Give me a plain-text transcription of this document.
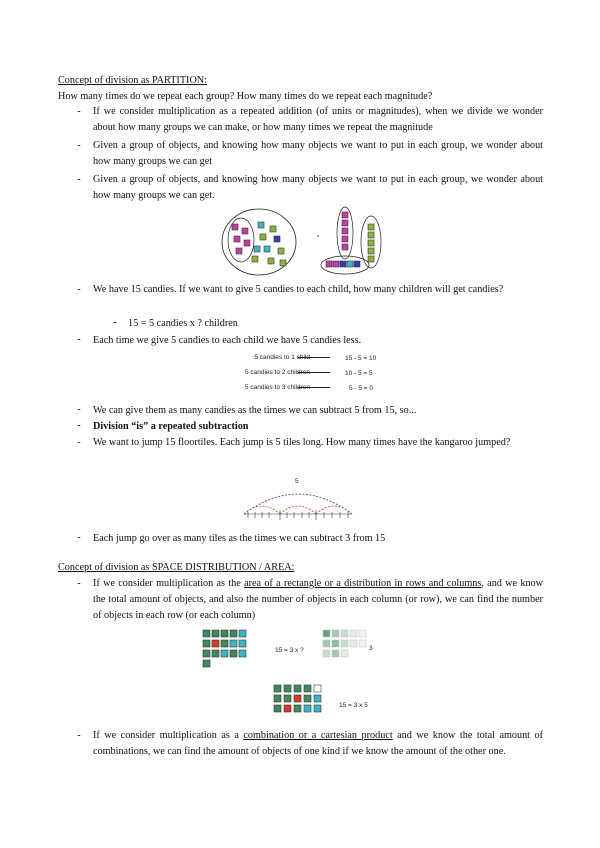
Concept of division as PARTITION:
How many times do we repeat each group? How many times do we repeat each magnitude?
-	If we consider multiplication as a repeated addition (of units or magnitudes), when we divide we wonder about how many groups we can make, or how many times we repeat the magnitude
-	Given a group of objects, and knowing how many objects we want to put in each group, we wonder about how many groups we can get
-	Given a group of objects, and knowing how many objects we want to put in each group, we wonder about how many groups we can get.
-	We have 15 candies. If we want to give 5 candies to each child, how many children will get candies?
-	15 = 5 candies x ? children
-	Each time we give 5 candies to each child we have 5 candies less.
5 candies to 1 child	15 - 5 = 10
5 candies to 2 children	10 - 5 = 5
5 candies to 3 children	5 - 5 = 0
-	We can give them as many candies as the times we can subtract 5 from 15, so...
-	Division “is” a repeated subtraction
-	We want to jump 15 floortiles. Each jump is 5 tiles long. How many times have the kangaroo jumped?
5
-	Each jump go over as many tiles as the times we can subtract 3 from 15
Concept of division as SPACE DISTRIBUTION / AREA:
-	If we consider multiplication as the area of a rectangle or a distribution in rows and columns, and we know the total amount of objects, and also the number of objects in each column (or row), we can find the number of objects in each row (or each column)
15 = 3 x ?	3
15 = 3 x 5
-	If we consider multiplication as a combination or a cartesian product and we know the total amount of combinations, we can find the amount of objects of one kind if we know the amount of the other one.
